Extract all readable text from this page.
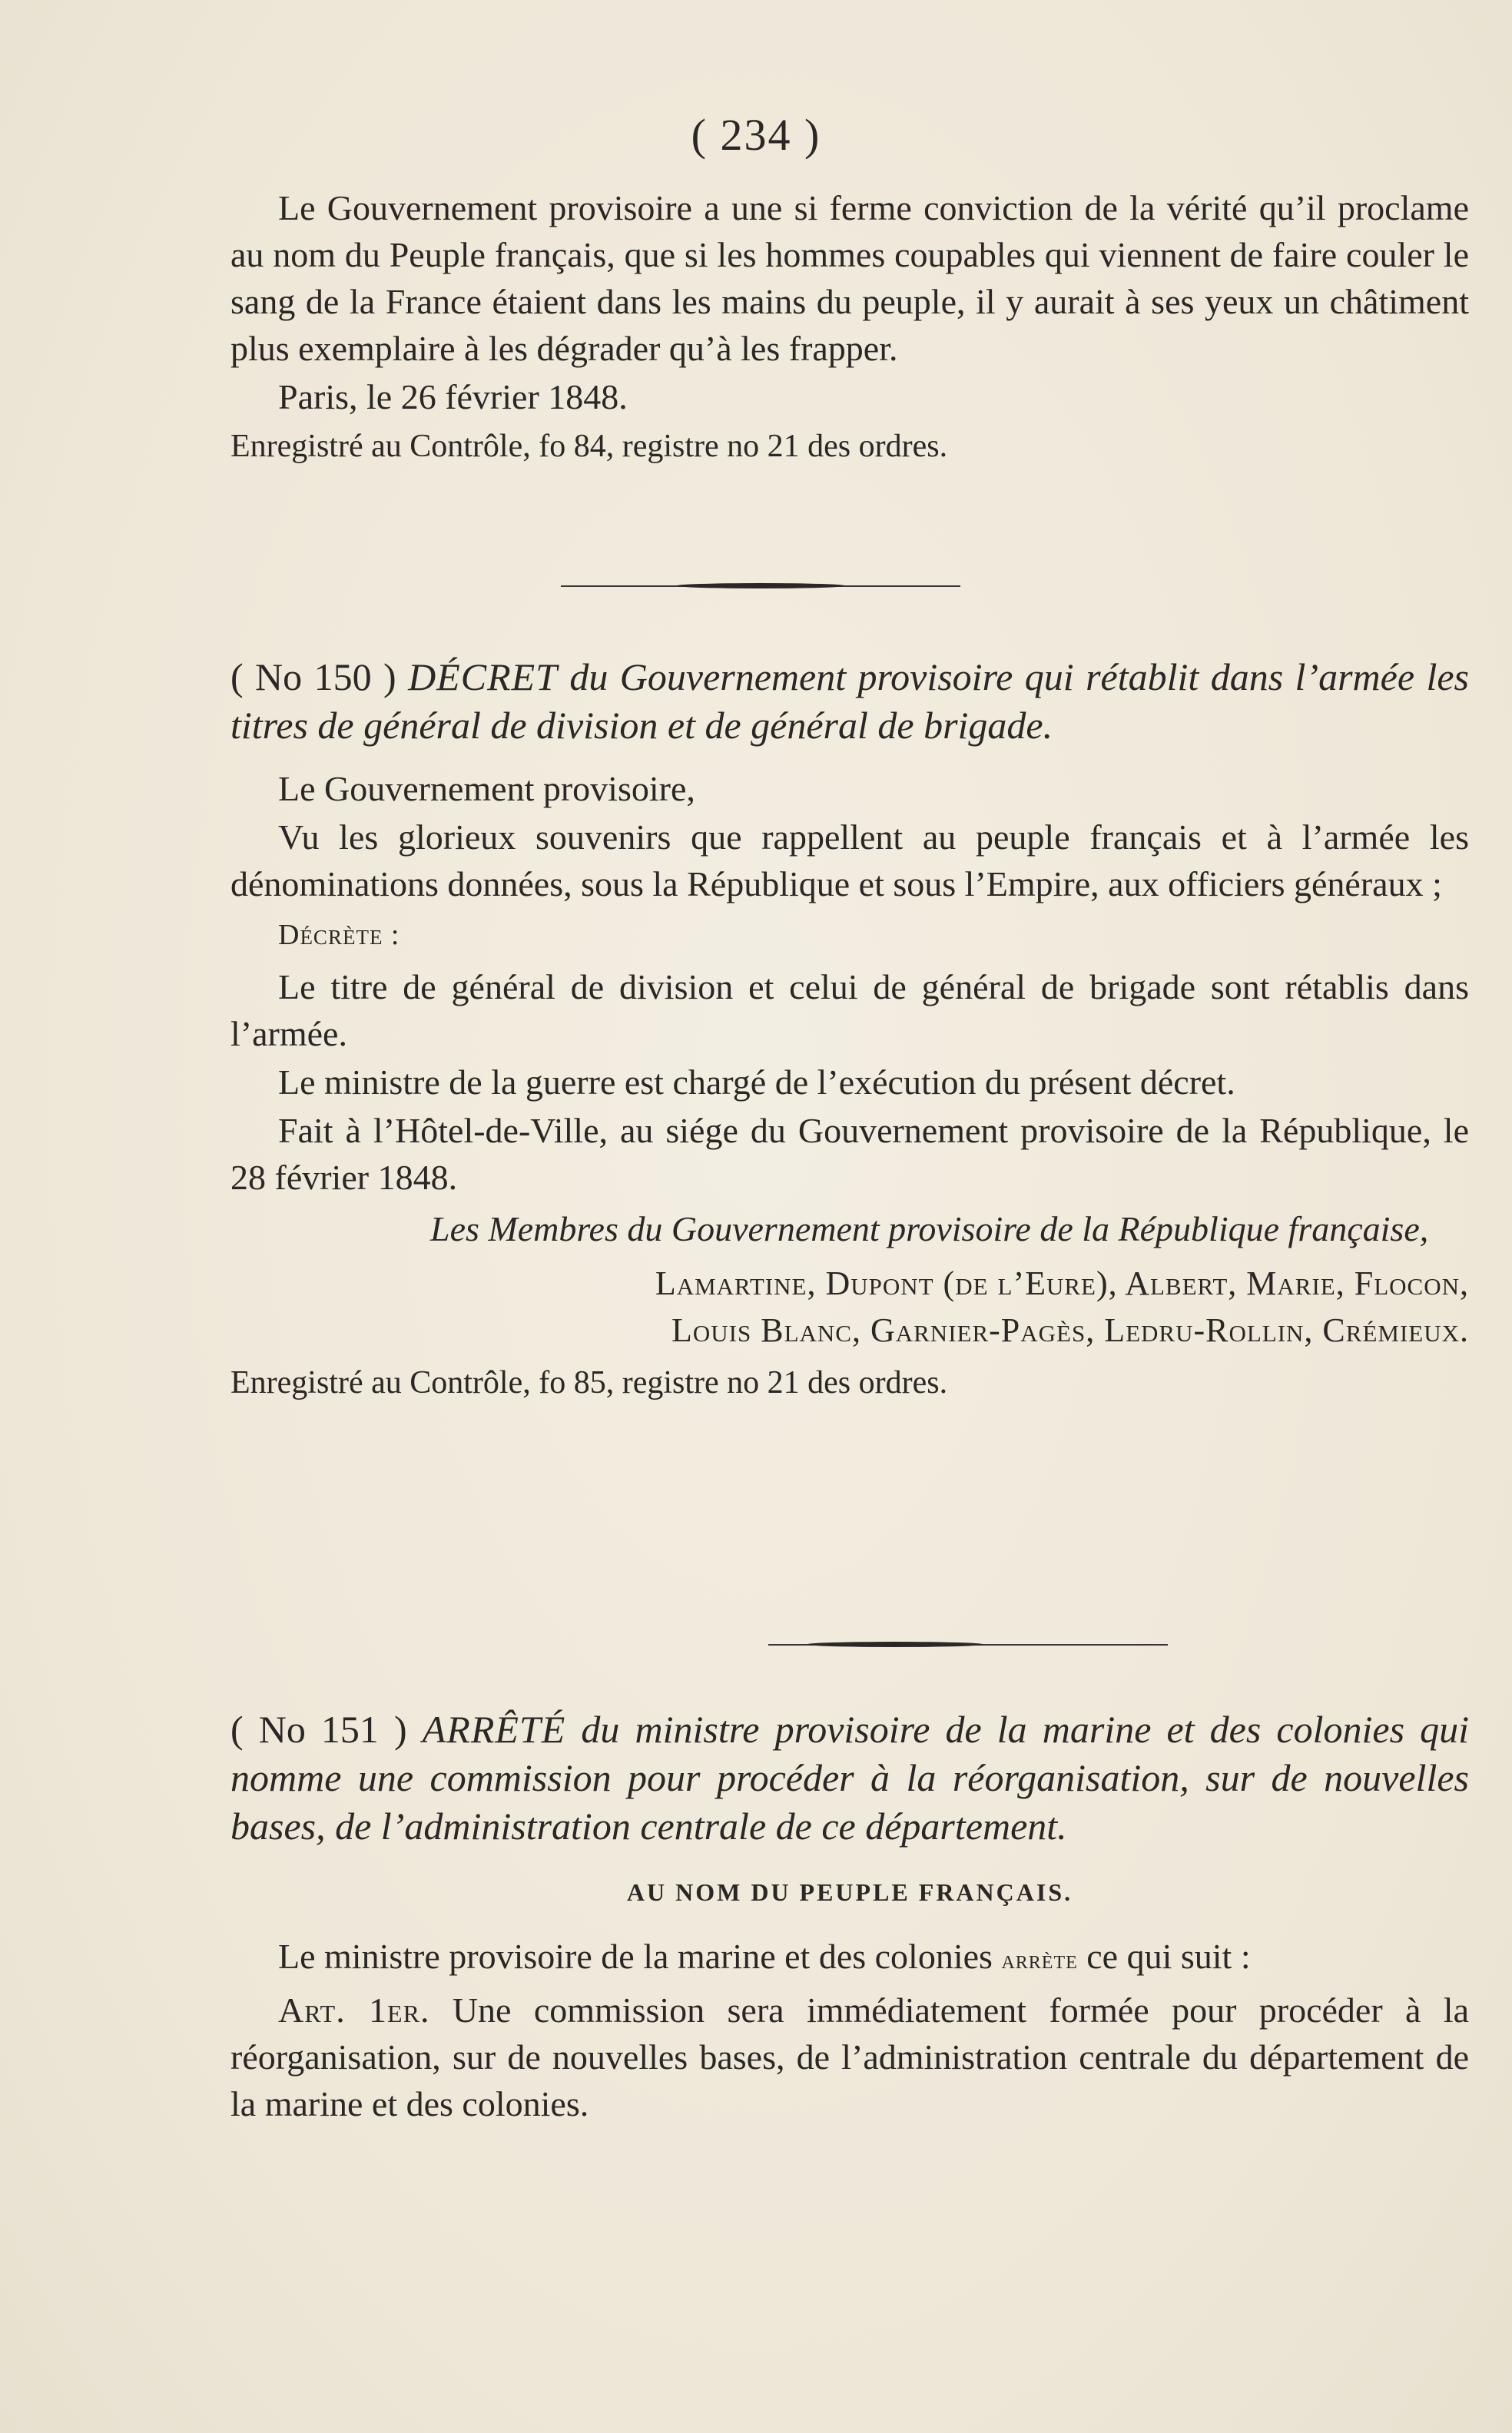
( 234 )

Le Gouvernement provisoire a une si ferme conviction de la vérité qu’il proclame au nom du Peuple français, que si les hommes coupables qui viennent de faire couler le sang de la France étaient dans les mains du peuple, il y aurait à ses yeux un châtiment plus exemplaire à les dégrader qu’à les frapper.

Paris, le 26 février 1848.

Enregistré au Contrôle, fo 84, registre no 21 des ordres.

( No 150 ) DÉCRET du Gouvernement provisoire qui rétablit dans l’armée les titres de général de division et de général de brigade.

Le Gouvernement provisoire,

Vu les glorieux souvenirs que rappellent au peuple français et à l’armée les dénominations données, sous la République et sous l’Empire, aux officiers généraux ;

Décrète :

Le titre de général de division et celui de général de brigade sont rétablis dans l’armée.

Le ministre de la guerre est chargé de l’exécution du présent décret.

Fait à l’Hôtel-de-Ville, au siége du Gouvernement provisoire de la République, le 28 février 1848.

Les Membres du Gouvernement provisoire de la République française,

Lamartine, Dupont (de l’Eure), Albert, Marie, Flocon,

Louis Blanc, Garnier-Pagès, Ledru-Rollin, Crémieux.

Enregistré au Contrôle, fo 85, registre no 21 des ordres.

( No 151 ) ARRÊTÉ du ministre provisoire de la marine et des colonies qui nomme une commission pour procéder à la réorganisation, sur de nouvelles bases, de l’administration centrale de ce département.

AU NOM DU PEUPLE FRANÇAIS.

Le ministre provisoire de la marine et des colonies arrète ce qui suit :

Art. 1er. Une commission sera immédiatement formée pour procéder à la réorganisation, sur de nouvelles bases, de l’administration centrale du département de la marine et des colonies.
